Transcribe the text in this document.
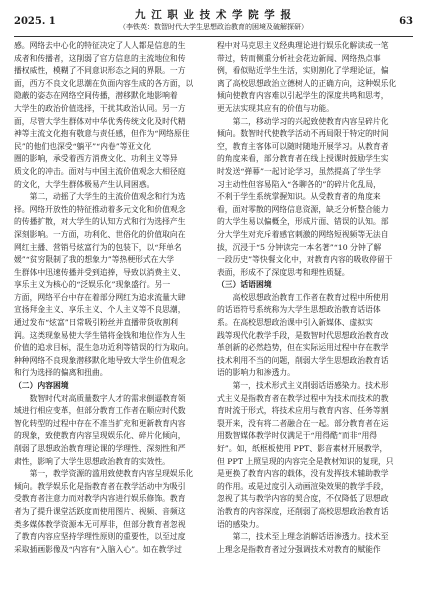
2025. 1
九 江 职 业 技 术 学 院 学 报
（李铁英：数智时代大学生思想政治教育的困境及破解探研）	63
感。网络去中心化的特征决定了人人都是信息的生
成者和传播者，这削弱了官方信息的主流地位和传
播权威性，模糊了不同意识形态之间的界限。一方
面，西方不良文化思潮在负面内容生成的各方面，以
隐蔽的姿态在网络空间传播，潜移默化地影响着
大学生的政治价值选择，干扰其政治认同。另一方
面，尽管大学生群体对中华优秀传统文化及时代精
神等主流文化抱有敬意与责任感，但作为“网络原住
民”的他们也深受“躺平”“内卷”等亚文化
圈的影响，承受着西方消费文化、功利主义等异
质文化的冲击。面对与中国主流价值观念大相径庭
的文化，大学生群体极易产生认同困惑。
　　第二，动摇了大学生的主流价值观念和行为选
择。网络开放性的特征推动着多元文化和价值观念
的传播扩散，对大学生的认知方式和行为选择产生
深刻影响。一方面，功利化、世俗化的价值取向在
网红主播、营销号炫富行为的包装下，以“拜单名
媛”“贫穷限制了我的想象力”等热梗形式在大学
生群体中迅速传播并受到追捧，导致以消费主义、
享乐主义为核心的“泛娱乐化”现象盛行。另一
方面，网络平台中存在着部分网红为追求流量大肆
宣扬拜金主义、享乐主义、个人主义等不良思潮，
通过发布“炫富”日常吸引粉丝并直播带货收割利
润。这类现象易使大学生错将金钱和地位作为人生
价值的追求目标，混生急功近利等错误的行为取向。
种种网络不良现象潜移默化地导致大学生价值观念
和行为选择的偏离和扭曲。
（二）内容困境
　　数智时代对高质量数字人才的需求倒逼教育领
域进行相应变革，但部分教育工作者在顺应时代数
智化转型的过程中存在不准当扩充和更新教育内容
的现象，致使教育内容呈现娱乐化、碎片化倾向，
削弱了思想政治教育理论课的学理性、深刻性和严
肃性，影响了大学生思想政治教育的实效性。
　　第一，教学资源的滥用致使教育内容呈现娱乐化
倾向。教学娱乐化是指教育者在教学活动中为吸引
受教育者注意力而对教学内容进行娱乐修饰。教育
者为了提升课堂活跃度而使用图片、视频、音频这
类多媒体教学资源本无可厚非，但部分教育者忽视
了教育内容应坚持学理性原则的重要性，以至过度
采取插画影像及“内容有“入脑入心”。如在教学过
程中对马克思主义经典理论进行娱乐化解读或一笔
带过，转而侧重分析社会花边新闻、网络热点事
例，看似贴近学生生活，实则割化了学理论证，偏
离了高校思想政治立德树人的正确方向，这种娱乐化
倾向使教育内容难以引起学生的深度共鸣和思考，
更无法实现其应有的价值与功能。
　　第二，移动学习的兴起致使教育内容呈碎片化
倾向。数智时代使教学活动不再局限于特定的时间
空，教育主客体可以随时随地开展学习。从教育者
的角度来看，部分教育者在线上授课时鼓励学生实
时发送“弹幕”一起讨论学习，虽然提高了学生学
习主动性但容易陷入“各聊各的”的碎片化乱局，
不利于学生系统掌握知识。从受教育者的角度来
看，面对零散的网络信息资源，缺乏分析整合能力
的大学生易以偏概全，形成片面、错误的认知。部
分大学生对充斥着感官刺激的网络短视频等无法自
拔，沉浸于“5 分钟读完一本名著”“10 分钟了解
一段历史”等快餐文化中，对教育内容的吸收停留于
表面，形成不了深度思考和理性质疑。
（三）话语困境
　　高校思想政治教育工作者在教育过程中所使用
的话语符号系统称为大学生思想政治教育话语体
系。在高校思想政治课中引入新媒体、虚拟实
践等现代化教学手段，是数智时代思想政治教育改
革创新的必然趋势，但在实际运用过程中存在教学
技术利用不当的问题，削弱大学生思想政治教育话
语的影响力和渗透力。
　　第一，技术形式主义削弱话语感染力。技术形
式主义是指教育者在教学过程中为技术而技术的教
育时流于形式，将技术应用与教育内容、任务等割
裂开来，没有将二者融合在一起。部分教育者在运
用数智媒体教学时仅满足于“用得酷”而非“用得
好”。如，纸框板使用 PPT、影音素材开展教学，
但 PPT 上照呈现的内容完全是教材知识的复现，只
是更换了教育内容的载体，没有发挥技术辅助教学
的作用。或是过度引入动画渲染效果的教学手段，
忽视了其与教学内容的契合度，不仅降低了思想政
治教育的内容深度，还削弱了高校思想政治教育话
语的感染力。
　　第二，技术至上理念消解话语渗透力。技术至
上理念是指教育者过分强调技术对教育的赋能作
